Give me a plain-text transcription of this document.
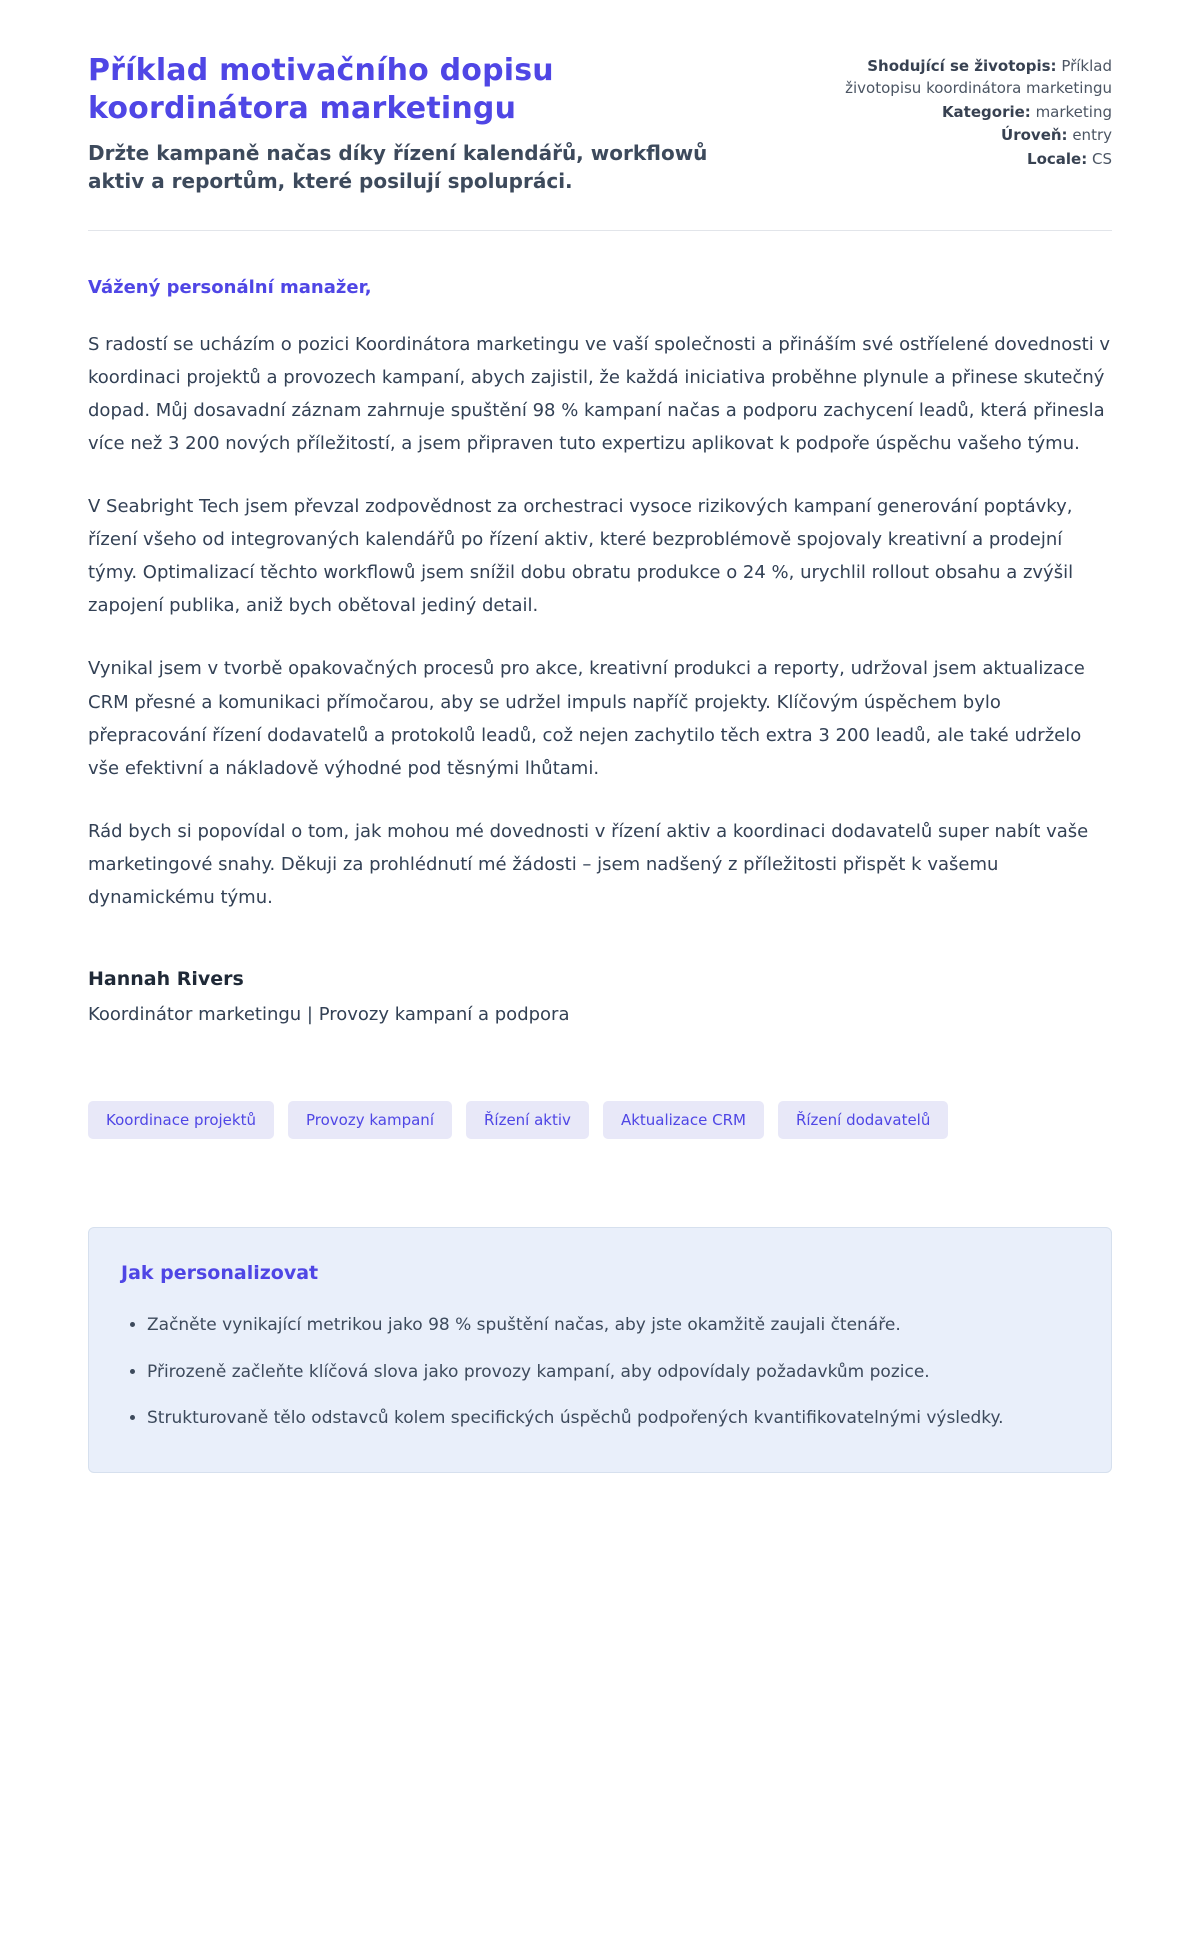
Příklad motivačního dopisu koordinátora marketingu
Držte kampaně načas díky řízení kalendářů, workflowů aktiv a reportům, které posilují spolupráci.
Shodující se životopis: Příklad životopisu koordinátora marketingu
Kategorie: marketing
Úroveň: entry
Locale: CS
Vážený personální manažer,

S radostí se ucházím o pozici Koordinátora marketingu ve vaší společnosti a přináším své ostříelené dovednosti v koordinaci projektů a provozech kampaní, abych zajistil, že každá iniciativa proběhne plynule a přinese skutečný dopad. Můj dosavadní záznam zahrnuje spuštění 98 % kampaní načas a podporu zachycení leadů, která přinesla více než 3 200 nových příležitostí, a jsem připraven tuto expertizu aplikovat k podpoře úspěchu vašeho týmu.

V Seabright Tech jsem převzal zodpovědnost za orchestraci vysoce rizikových kampaní generování poptávky, řízení všeho od integrovaných kalendářů po řízení aktiv, které bezproblémově spojovaly kreativní a prodejní týmy. Optimalizací těchto workflowů jsem snížil dobu obratu produkce o 24 %, urychlil rollout obsahu a zvýšil zapojení publika, aniž bych obětoval jediný detail.

Vynikal jsem v tvorbě opakovačných procesů pro akce, kreativní produkci a reporty, udržoval jsem aktualizace CRM přesné a komunikaci přímočarou, aby se udržel impuls napříč projekty. Klíčovým úspěchem bylo přepracování řízení dodavatelů a protokolů leadů, což nejen zachytilo těch extra 3 200 leadů, ale také udrželo vše efektivní a nákladově výhodné pod těsnými lhůtami.

Rád bych si popovídal o tom, jak mohou mé dovednosti v řízení aktiv a koordinaci dodavatelů super nabít vaše marketingové snahy. Děkuji za prohlédnutí mé žádosti – jsem nadšený z příležitosti přispět k vašemu dynamickému týmu.

Hannah Rivers
Koordinátor marketingu | Provozy kampaní a podpora
Koordinace projektů	Provozy kampaní	Řízení aktiv	Aktualizace CRM	Řízení dodavatelů
Jak personalizovat
• Začněte vynikající metrikou jako 98 % spuštění načas, aby jste okamžitě zaujali čtenáře.
• Přirozeně začleňte klíčová slova jako provozy kampaní, aby odpovídaly požadavkům pozice.
• Strukturovaně tělo odstavců kolem specifických úspěchů podpořených kvantifikovatelnými výsledky.
